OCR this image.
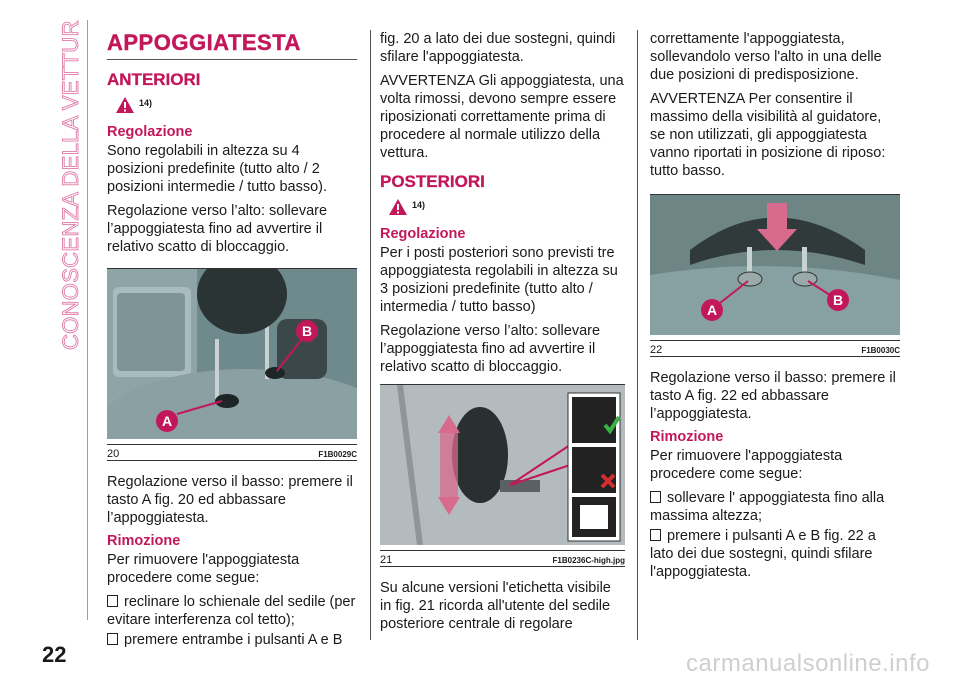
CONOSCENZA DELLA VETTURA APPOGGIATESTA
ANTERIORI
14)
Regolazione

Sono regolabili in altezza su 4 posizioni predefinite (tutto alto / 2 posizioni intermedie / tutto basso).

Regolazione verso l’alto: sollevare l’appoggiatesta fino ad avvertire il relativo scatto di bloccaggio.

A
B
20	F1B0029C

Regolazione verso il basso: premere il tasto A fig. 20 ed abbassare l’appoggiatesta.

Rimozione

Per rimuovere l'appoggiatesta procedere come segue:

reclinare lo schienale del sedile (per evitare interferenza col tetto);
premere entrambe i pulsanti A e B

fig. 20 a lato dei due sostegni, quindi sfilare l'appoggiatesta.

AVVERTENZA Gli appoggiatesta, una volta rimossi, devono sempre essere riposizionati correttamente prima di procedere al normale utilizzo della vettura.

POSTERIORI
14)
Regolazione

Per i posti posteriori sono previsti tre appoggiatesta regolabili in altezza su 3 posizioni predefinite (tutto alto / intermedia / tutto basso)

Regolazione verso l’alto: sollevare l’appoggiatesta fino ad avvertire il relativo scatto di bloccaggio.

21	F1B0236C-high.jpg

Su alcune versioni l'etichetta visibile in fig. 21 ricorda all'utente del sedile posteriore centrale di regolare

correttamente l'appoggiatesta, sollevandolo verso l'alto in una delle due posizioni di predisposizione.

AVVERTENZA Per consentire il massimo della visibilità al guidatore, se non utilizzati, gli appoggiatesta vanno riportati in posizione di riposo: tutto basso.

A
B
22	F1B0030C

Regolazione verso il basso: premere il tasto A fig. 22 ed abbassare l’appoggiatesta.

Rimozione

Per rimuovere l'appoggiatesta procedere come segue:

sollevare l' appoggiatesta fino alla massima altezza;
premere i pulsanti A e B fig. 22 a lato dei due sostegni, quindi sfilare l'appoggiatesta.
22	carmanualsonline.info
